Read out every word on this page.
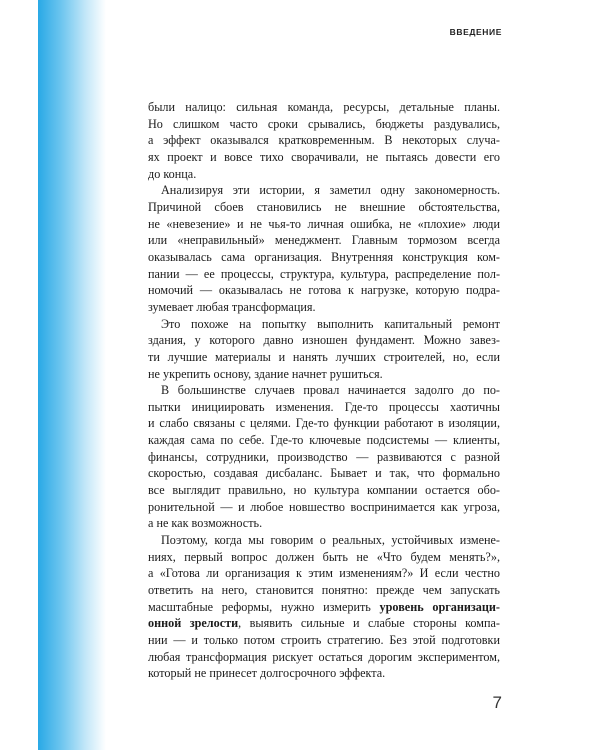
ВВЕДЕНИЕ

были налицо: сильная команда, ресурсы, детальные планы.
Но слишком часто сроки срывались, бюджеты раздувались,
а эффект оказывался кратковременным. В некоторых случа-
ях проект и вовсе тихо сворачивали, не пытаясь довести его
до конца.

Анализируя эти истории, я заметил одну закономерность.
Причиной сбоев становились не внешние обстоятельства,
не «невезение» и не чья-то личная ошибка, не «плохие» люди
или «неправильный» менеджмент. Главным тормозом всегда
оказывалась сама организация. Внутренняя конструкция ком-
пании — ее процессы, структура, культура, распределение пол-
номочий — оказывалась не готова к нагрузке, которую подра-
зумевает любая трансформация.

Это похоже на попытку выполнить капитальный ремонт
здания, у которого давно изношен фундамент. Можно завез-
ти лучшие материалы и нанять лучших строителей, но, если
не укрепить основу, здание начнет рушиться.

В большинстве случаев провал начинается задолго до по-
пытки инициировать изменения. Где-то процессы хаотичны
и слабо связаны с целями. Где-то функции работают в изоляции,
каждая сама по себе. Где-то ключевые подсистемы — клиенты,
финансы, сотрудники, производство — развиваются с разной
скоростью, создавая дисбаланс. Бывает и так, что формально
все выглядит правильно, но культура компании остается обо-
ронительной — и любое новшество воспринимается как угроза,
а не как возможность.

Поэтому, когда мы говорим о реальных, устойчивых измене-
ниях, первый вопрос должен быть не «Что будем менять?»,
а «Готова ли организация к этим изменениям?» И если честно
ответить на него, становится понятно: прежде чем запускать
масштабные реформы, нужно измерить уровень организаци-
онной зрелости, выявить сильные и слабые стороны компа-
нии — и только потом строить стратегию. Без этой подготовки
любая трансформация рискует остаться дорогим экспериментом,
который не принесет долгосрочного эффекта.

7
